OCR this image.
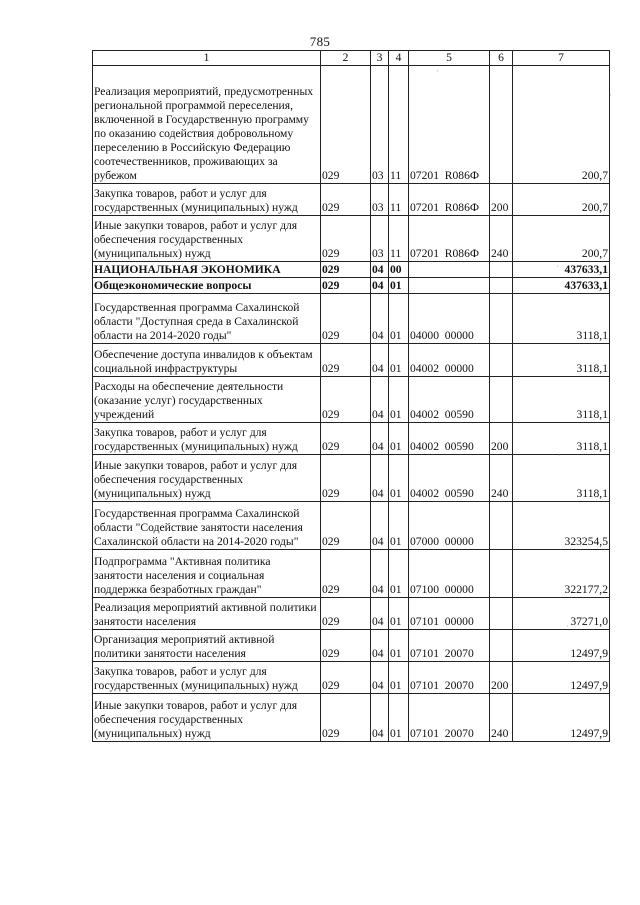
785
1	2	3	4	5	6	7
Реализация мероприятий, предусмотренных региональной программой переселения, включенной в Государственную программу по оказанию содействия добровольному переселению в Российскую Федерацию соотечественников, проживающих за рубежом	029	03	11	07201  R086Ф		200,7
Закупка товаров, работ и услуг для государственных (муниципальных) нужд	029	03	11	07201  R086Ф	200	200,7
Иные закупки товаров, работ и услуг для обеспечения государственных (муниципальных) нужд	029	03	11	07201  R086Ф	240	200,7
НАЦИОНАЛЬНАЯ ЭКОНОМИКА	029	04	00			437633,1
Общеэкономические вопросы	029	04	01			437633,1
Государственная программа Сахалинской области "Доступная среда в Сахалинской области на 2014-2020 годы"	029	04	01	04000  00000		3118,1
Обеспечение доступа инвалидов к объектам социальной инфраструктуры	029	04	01	04002  00000		3118,1
Расходы на обеспечение деятельности (оказание услуг) государственных учреждений	029	04	01	04002  00590		3118,1
Закупка товаров, работ и услуг для государственных (муниципальных) нужд	029	04	01	04002  00590	200	3118,1
Иные закупки товаров, работ и услуг для обеспечения государственных (муниципальных) нужд	029	04	01	04002  00590	240	3118,1
Государственная программа Сахалинской области "Содействие занятости населения Сахалинской области на 2014-2020 годы"	029	04	01	07000  00000		323254,5
Подпрограмма "Активная политика занятости населения и социальная поддержка безработных граждан"	029	04	01	07100  00000		322177,2
Реализация мероприятий активной политики занятости населения	029	04	01	07101  00000		37271,0
Организация мероприятий активной политики занятости населения	029	04	01	07101  20070		12497,9
Закупка товаров, работ и услуг для государственных (муниципальных) нужд	029	04	01	07101  20070	200	12497,9
Иные закупки товаров, работ и услуг для обеспечения государственных (муниципальных) нужд	029	04	01	07101  20070	240	12497,9
·
·
·
·
·
